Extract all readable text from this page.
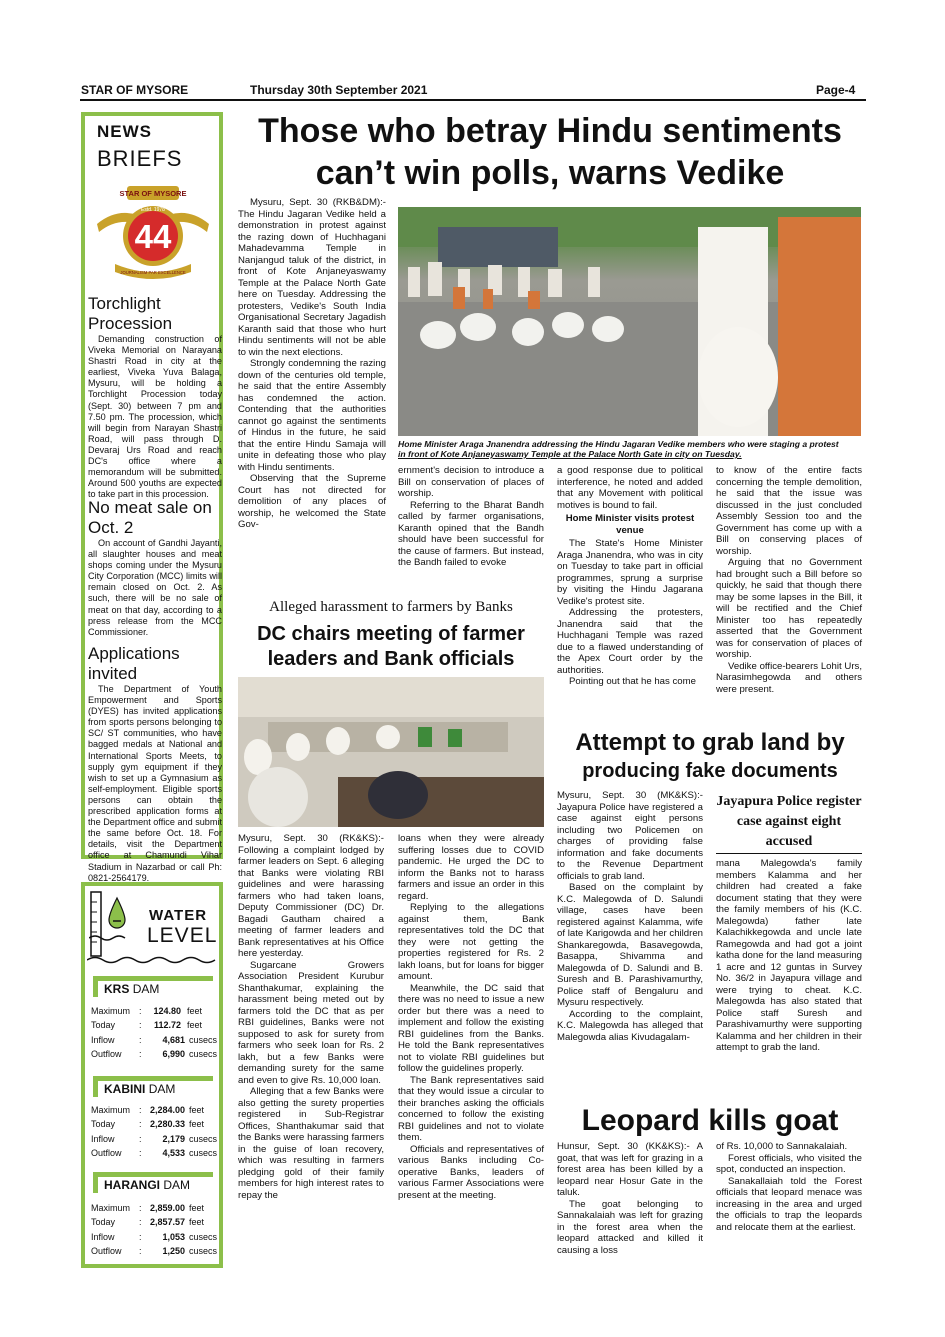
STAR OF MYSORE	Thursday 30th September 2021	Page-4
NEWS
BRIEFS
STAR OF MYSORE
Estd. 1978
44
JOURNALISM PAR EXCELLENCE
Torchlight Procession

Demanding construction of Viveka Memorial on Narayana Shastri Road in city at the earliest, Viveka Yuva Balaga, Mysuru, will be holding a Torchlight Procession today (Sept. 30) between 7 pm and 7.50 pm. The procession, which will begin from Narayan Shastri Road, will pass through D. Devaraj Urs Road and reach DC's office where a memorandum will be submitted. Around 500 youths are expected to take part in this procession.

No meat sale on Oct. 2

On account of Gandhi Jayanti, all slaughter houses and meat shops coming under the Mysuru City Corporation (MCC) limits will remain closed on Oct. 2. As such, there will be no sale of meat on that day, according to a press release from the MCC Commissioner.

Applications invited

The Department of Youth Empowerment and Sports (DYES) has invited applications from sports persons belonging to SC/ ST communities, who have bagged medals at National and International Sports Meets, to supply gym equipment if they wish to set up a Gymnasium as self-employment. Eligible sports persons can obtain the prescribed application forms at the Department office and submit the same before Oct. 18. For details, visit the Department office at Chamundi Vihar Stadium in Nazarbad or call Ph: 0821-2564179.

WATER
LEVEL
KRS DAM
Maximum : 124.80 feet
Today	:	112.72 feet
Inflow	:	4,681 cusecs
Outflow :	6,990 cusecs
KABINI DAM
Maximum : 2,284.00 feet
Today	: 2,280.33 feet
Inflow	:	2,179 cusecs
Outflow :	4,533 cusecs
HARANGI DAM
Maximum : 2,859.00 feet
Today	: 2,857.57 feet
Inflow	:	1,053 cusecs
Outflow :	1,250 cusecs
Those who betray Hindu sentiments
can’t win polls, warns Vedike

Mysuru, Sept. 30 (RKB&DM):- The Hindu Jagaran Vedike held a demonstration in protest against the razing down of Huchhagani Mahadevamma Temple in Nanjangud taluk of the district, in front of Kote Anjaneyaswamy Temple at the Palace North Gate here on Tuesday. Addressing the protesters, Vedike's South India Organisational Secretary Jagadish Karanth said that those who hurt Hindu sentiments will not be able to win the next elections.

Strongly condemning the razing down of the centuries old temple, he said that the entire Assembly has condemned the action. Contending that the authorities cannot go against the sentiments of Hindus in the future, he said that the entire Hindu Samaja will unite in defeating those who play with Hindu sentiments.

Observing that the Supreme Court has not directed for demolition of any places of worship, he welcomed the State Gov-

Home Minister Araga Jnanendra addressing the Hindu Jagaran Vedike members who were staging a protest
in front of Kote Anjaneyaswamy Temple at the Palace North Gate in city on Tuesday.

ernment's decision to introduce a Bill on conservation of places of worship.

Referring to the Bharat Bandh called by farmer organisations, Karanth opined that the Bandh should have been successful for the cause of farmers. But instead, the Bandh failed to evoke

a good response due to political interference, he noted and added that any Movement with political motives is bound to fail.

Home Minister visits protest venue

The State's Home Minister Araga Jnanendra, who was in city on Tuesday to take part in official programmes, sprung a surprise by visiting the Hindu Jagarana Vedike's protest site.

Addressing the protesters, Jnanendra said that the Huchhagani Temple was razed due to a flawed understanding of the Apex Court order by the authorities.

Pointing out that he has come

to know of the entire facts concerning the temple demolition, he said that the issue was discussed in the just concluded Assembly Session too and the Government has come up with a Bill on conserving places of worship.

Arguing that no Government had brought such a Bill before so quickly, he said that though there may be some lapses in the Bill, it will be rectified and the Chief Minister too has repeatedly asserted that the Government was for conservation of places of worship.

Vedike office-bearers Lohit Urs, Narasimhegowda and others were present.

Alleged harassment to farmers by Banks
DC chairs meeting of farmer
leaders and Bank officials

Mysuru, Sept. 30 (RK&KS):- Following a complaint lodged by farmer leaders on Sept. 6 alleging that Banks were violating RBI guidelines and were harassing farmers who had taken loans, Deputy Commissioner (DC) Dr. Bagadi Gautham chaired a meeting of farmer leaders and Bank representatives at his Office here yesterday.

Sugarcane Growers Association President Kurubur Shanthakumar, explaining the harassment being meted out by farmers told the DC that as per RBI guidelines, Banks were not supposed to ask for surety from farmers who seek loan for Rs. 2 lakh, but a few Banks were demanding surety for the same and even to give Rs. 10,000 loan.

Alleging that a few Banks were also getting the surety properties registered in Sub-Registrar Offices, Shanthakumar said that the Banks were harassing farmers in the guise of loan recovery, which was resulting in farmers pledging gold of their family members for high interest rates to repay the

loans when they were already suffering losses due to COVID pandemic. He urged the DC to inform the Banks not to harass farmers and issue an order in this regard.

Replying to the allegations against them, Bank representatives told the DC that they were not getting the properties registered for Rs. 2 lakh loans, but for loans for bigger amount.

Meanwhile, the DC said that there was no need to issue a new order but there was a need to implement and follow the existing RBI guidelines from the Banks. He told the Bank representatives not to violate RBI guidelines but follow the guidelines properly.

The Bank representatives said that they would issue a circular to their branches asking the officials concerned to follow the existing RBI guidelines and not to violate them.

Officials and representatives of various Banks including Co-operative Banks, leaders of various Farmer Associations were present at the meeting.

Attempt to grab land by
producing fake documents

Mysuru, Sept. 30 (MK&KS):- Jayapura Police have registered a case against eight persons including two Policemen on charges of providing false information and fake documents to the Revenue Department officials to grab land.

Based on the complaint by K.C. Malegowda of D. Salundi village, cases have been registered against Kalamma, wife of late Karigowda and her children Shankaregowda, Basavegowda, Basappa, Shivamma and Malegowda of D. Salundi and B. Suresh and B. Parashivamurthy, Police staff of Bengaluru and Mysuru respectively.

According to the complaint, K.C. Malegowda has alleged that Malegowda alias Kivudagalam-

Jayapura Police register case against eight accused

mana Malegowda's family members Kalamma and her children had created a fake document stating that they were the family members of his (K.C. Malegowda) father late Kalachikkegowda and uncle late Ramegowda and had got a joint katha done for the land measuring 1 acre and 12 guntas in Survey No. 36/2 in Jayapura village and were trying to cheat. K.C. Malegowda has also stated that Police staff Suresh and Parashivamurthy were supporting Kalamma and her children in their attempt to grab the land.

Leopard kills goat

Hunsur, Sept. 30 (KK&KS):- A goat, that was left for grazing in a forest area has been killed by a leopard near Hosur Gate in the taluk.

The goat belonging to Sannakalaiah was left for grazing in the forest area when the leopard attacked and killed it causing a loss

of Rs. 10,000 to Sannakalaiah.

Forest officials, who visited the spot, conducted an inspection.

Sanakallaiah told the Forest officials that leopard menace was increasing in the area and urged the officials to trap the leopards and relocate them at the earliest.
